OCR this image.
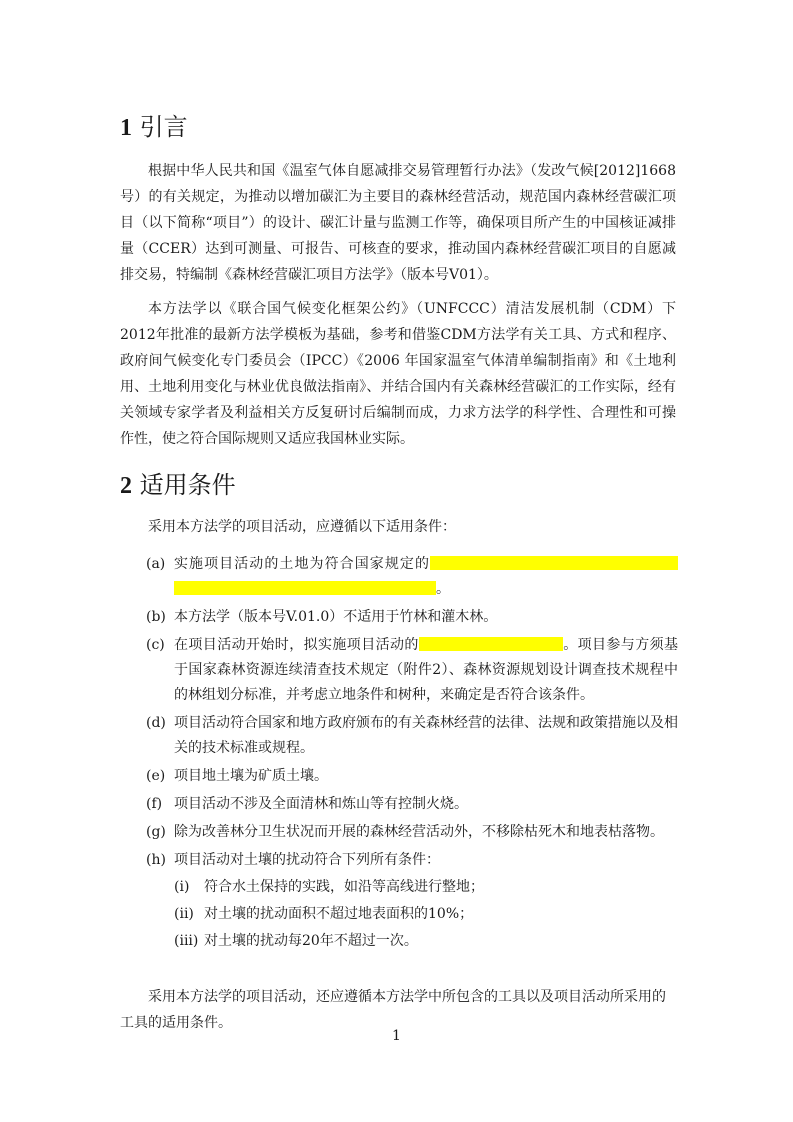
1 引言

根据中华人民共和国《温室气体自愿减排交易管理暂行办法》（发改气候[2012]1668号）的有关规定，为推动以增加碳汇为主要目的森林经营活动，规范国内森林经营碳汇项目（以下简称“项目”）的设计、碳汇计量与监测工作等，确保项目所产生的中国核证减排量（CCER）达到可测量、可报告、可核查的要求，推动国内森林经营碳汇项目的自愿减排交易，特编制《森林经营碳汇项目方法学》（版本号V01）。

本方法学以《联合国气候变化框架公约》（UNFCCC）清洁发展机制（CDM）下2012年批准的最新方法学模板为基础，参考和借鉴CDM方法学有关工具、方式和程序、政府间气候变化专门委员会（IPCC）《2006 年国家温室气体清单编制指南》和《土地利用、土地利用变化与林业优良做法指南》、并结合国内有关森林经营碳汇的工作实际，经有关领域专家学者及利益相关方反复研讨后编制而成，力求方法学的科学性、合理性和可操作性，使之符合国际规则又适应我国林业实际。

2 适用条件

采用本方法学的项目活动，应遵循以下适用条件：

(a) 实施项目活动的土地为符合国家规定的 。
(b) 本方法学（版本号V.01.0）不适用于竹林和灌木林。
(c) 在项目活动开始时，拟实施项目活动的	。项目参与方须基于国家森林资源连续清查技术规定（附件2）、森林资源规划设计调查技术规程中的林组划分标准，并考虑立地条件和树种，来确定是否符合该条件。
(d) 项目活动符合国家和地方政府颁布的有关森林经营的法律、法规和政策措施以及相关的技术标准或规程。
(e) 项目地土壤为矿质土壤。
(f) 项目活动不涉及全面清林和炼山等有控制火烧。
(g) 除为改善林分卫生状况而开展的森林经营活动外，不移除枯死木和地表枯落物。
(h) 项目活动对土壤的扰动符合下列所有条件：
(i) 符合水土保持的实践，如沿等高线进行整地；
(ii) 对土壤的扰动面积不超过地表面积的10%；
(iii) 对土壤的扰动每20年不超过一次。

采用本方法学的项目活动，还应遵循本方法学中所包含的工具以及项目活动所采用的工具的适用条件。

1
